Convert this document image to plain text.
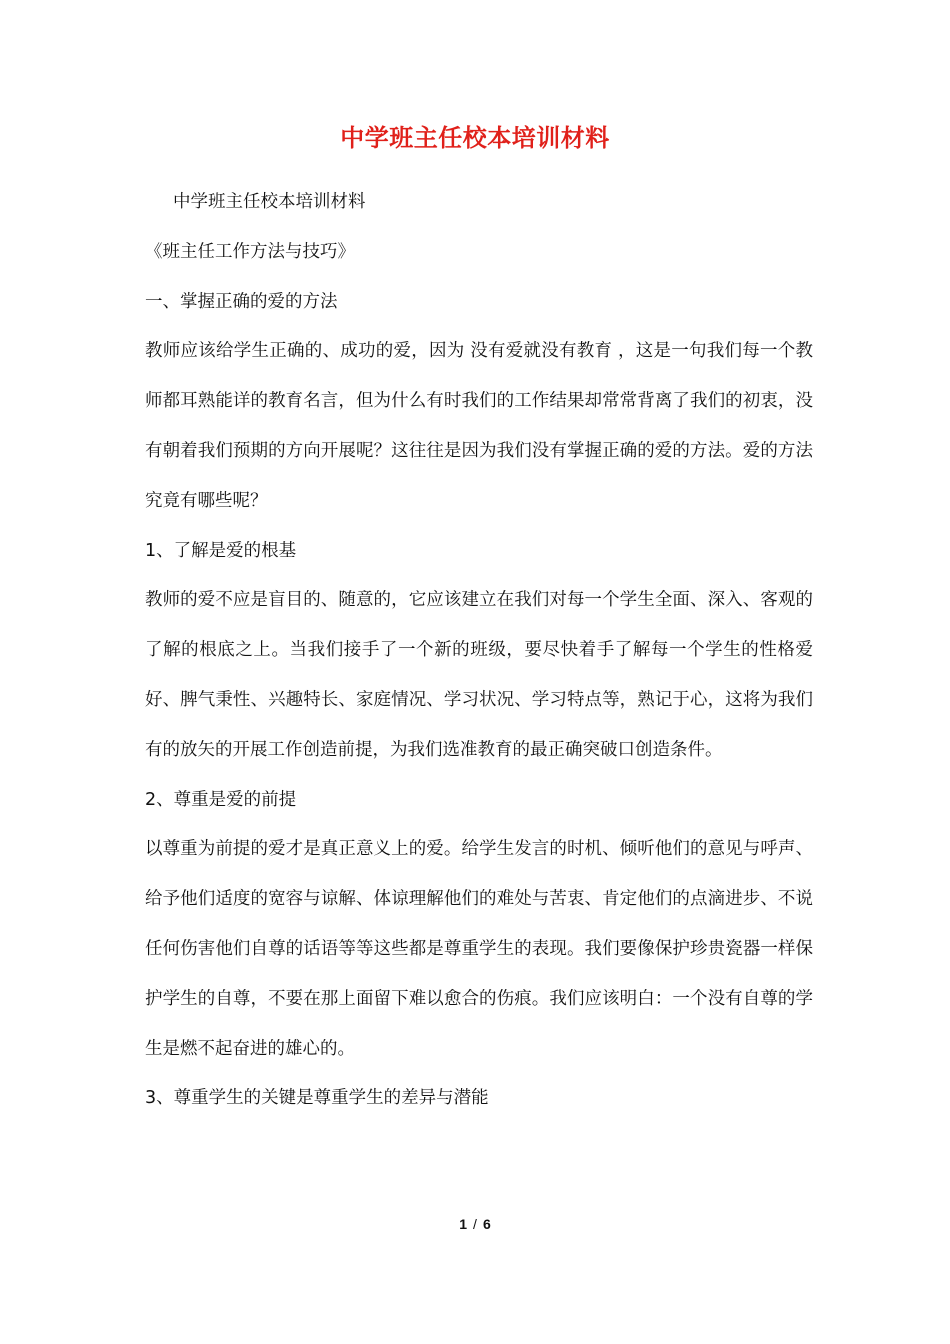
中学班主任校本培训材料

中学班主任校本培训材料

《班主任工作方法与技巧》

一、掌握正确的爱的方法

教师应该给学生正确的、成功的爱，因为 没有爱就没有教育 ，这是一句我们每一个教师都耳熟能详的教育名言，但为什么有时我们的工作结果却常常背离了我们的初衷，没有朝着我们预期的方向开展呢？这往往是因为我们没有掌握正确的爱的方法。爱的方法究竟有哪些呢？

1、了解是爱的根基

教师的爱不应是盲目的、随意的，它应该建立在我们对每一个学生全面、深入、客观的了解的根底之上。当我们接手了一个新的班级，要尽快着手了解每一个学生的性格爱好、脾气秉性、兴趣特长、家庭情况、学习状况、学习特点等，熟记于心，这将为我们有的放矢的开展工作创造前提，为我们选准教育的最正确突破口创造条件。

2、尊重是爱的前提

以尊重为前提的爱才是真正意义上的爱。给学生发言的时机、倾听他们的意见与呼声、给予他们适度的宽容与谅解、体谅理解他们的难处与苦衷、肯定他们的点滴进步、不说任何伤害他们自尊的话语等等这些都是尊重学生的表现。我们要像保护珍贵瓷器一样保护学生的自尊，不要在那上面留下难以愈合的伤痕。我们应该明白：一个没有自尊的学生是燃不起奋进的雄心的。

3、尊重学生的关键是尊重学生的差异与潜能

1 / 6
